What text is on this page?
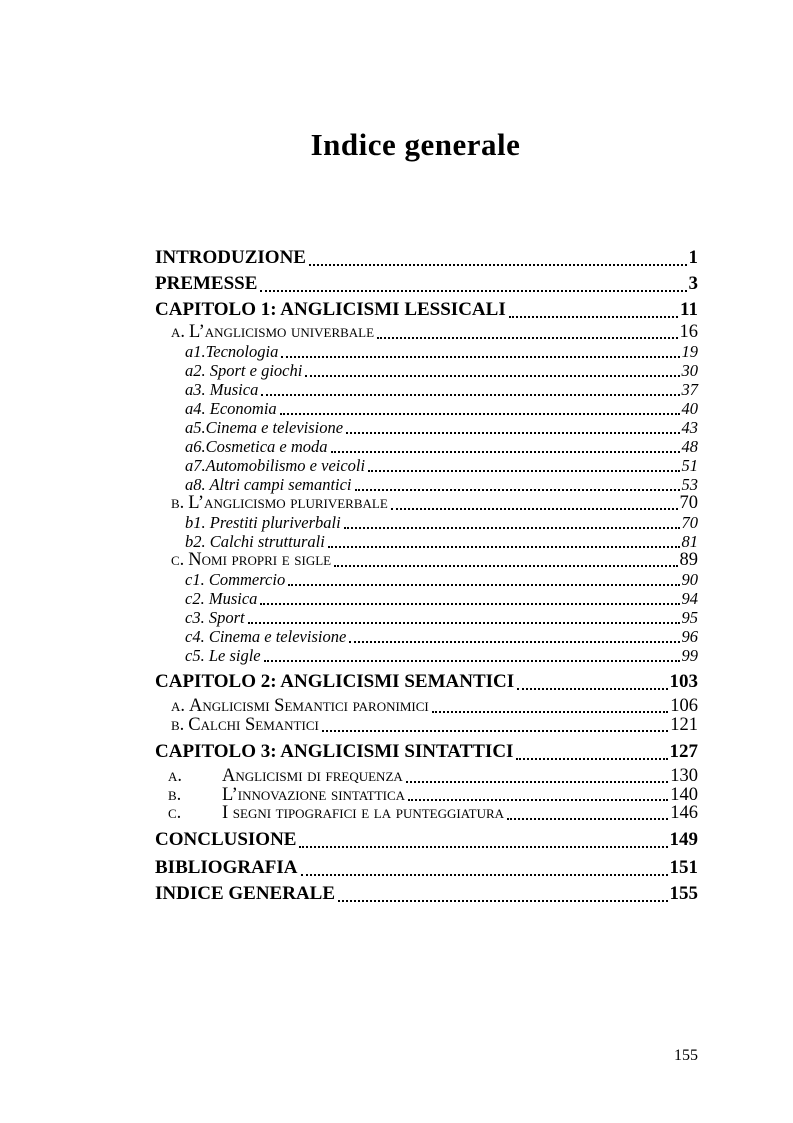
Indice generale
INTRODUZIONE	1
PREMESSE	3
CAPITOLO 1: ANGLICISMI LESSICALI	11
a. L’anglicismo univerbale	16
a1.Tecnologia	19
a2. Sport e giochi	30
a3. Musica	37
a4. Economia	40
a5.Cinema e televisione	43
a6.Cosmetica e moda	48
a7.Automobilismo e veicoli	51
a8. Altri campi semantici	53
b. L’anglicismo pluriverbale	70
b1. Prestiti pluriverbali	70
b2. Calchi strutturali	81
c. Nomi propri e sigle	89
c1. Commercio	90
c2. Musica	94
c3. Sport	95
c4. Cinema e televisione	96
c5. Le sigle	99
CAPITOLO 2: ANGLICISMI SEMANTICI	103
a. Anglicismi Semantici paronimici	106
b. Calchi Semantici	121
CAPITOLO 3: ANGLICISMI SINTATTICI	127
a.	Anglicismi di frequenza	130
b.	L’innovazione sintattica	140
c.	I segni tipografici e la punteggiatura	146
CONCLUSIONE	149
BIBLIOGRAFIA	151
INDICE GENERALE	155
155
